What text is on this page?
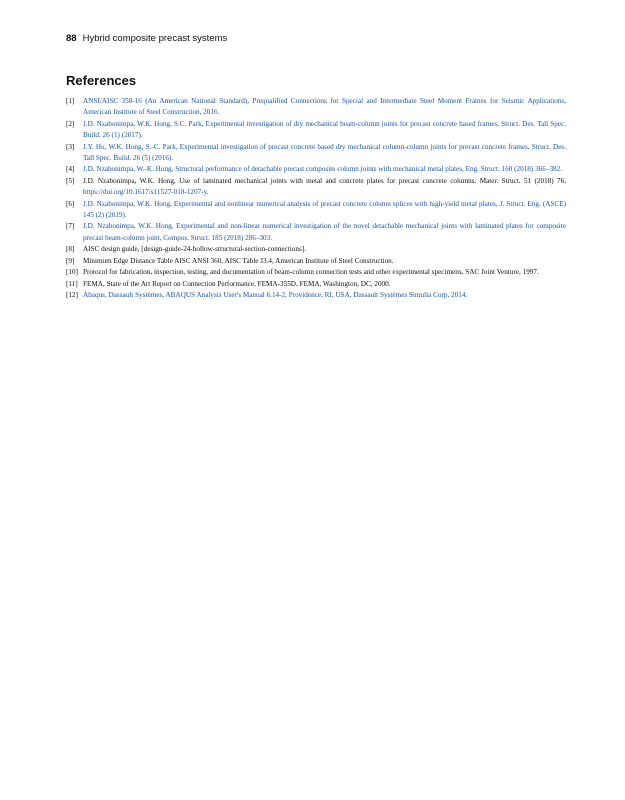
88 Hybrid composite precast systems
References
[1]	ANSI/AISC 358-16 (An American National Standard), Prequalified Connections for Special and Intermediate Steel Moment Frames for Seismic Applications, American Institute of Steel Construction, 2016.
[2]	J.D. Nzabonimpa, W.K. Hong, S.C. Park, Experimental investigation of dry mechanical beam-column joints for precast concrete based frames, Struct. Des. Tall Spec. Build. 26 (1) (2017).
[3]	J.Y. Hu, W.K. Hong, S.-C. Park, Experimental investigation of precast concrete based dry mechanical column-column joints for precast concrete frames, Struct. Des. Tall Spec. Build. 26 (5) (2016).
[4]	J.D. Nzabonimpa, W.-K. Hong, Structural performance of detachable precast composite column joints with mechanical metal plates, Eng. Struct. 160 (2018) 366–382.
[5]	J.D. Nzabonimpa, W.K. Hong, Use of laminated mechanical joints with metal and concrete plates for precast concrete columns. Mater. Struct. 51 (2018) 76, https://doi.org/10.1617/s11527-018-1207-y.
[6]	J.D. Nzabonimpa, W.K. Hong, Experimental and nonlinear numerical analysis of precast concrete column splices with high-yield metal plates, J. Struct. Eng. (ASCE) 145 (2) (2019).
[7]	J.D. Nzabonimpa, W.K. Hong, Experimental and non-linear numerical investigation of the novel detachable mechanical joints with laminated plates for composite precast beam-column joint, Compos. Struct. 185 (2018) 286–303.
[8]	AISC design guide, [design-guide-24-hollow-structural-section-connections].
[9]	Minimum Edge Distance Table AISC ANSI 360, AISC Table J3.4, American Institute of Steel Construction.
[10] Protocol for fabrication, inspection, testing, and documentation of beam-column connection tests and other experimental specimens, SAC Joint Venture, 1997.
[11] FEMA, State of the Art Report on Connection Performance, FEMA-355D, FEMA, Washington, DC, 2000.
[12] Abaqus, Dassault Systèmes, ABAQUS Analysis User's Manual 6.14-2, Providence, RI, USA, Dassault Systèmes Simulia Corp, 2014.
